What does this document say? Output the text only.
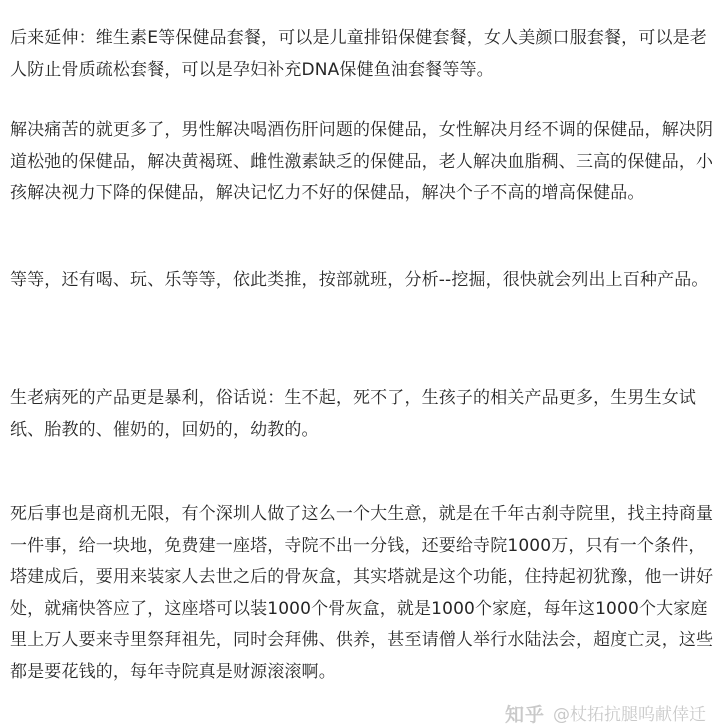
后来延伸：维生素E等保健品套餐，可以是儿童排铅保健套餐，女人美颜口服套餐，可以是老人防止骨质疏松套餐，可以是孕妇补充DNA保健鱼油套餐等等。

解决痛苦的就更多了，男性解决喝酒伤肝问题的保健品，女性解决月经不调的保健品，解决阴道松弛的保健品，解决黄褐斑、雌性激素缺乏的保健品，老人解决血脂稠、三高的保健品，小孩解决视力下降的保健品，解决记忆力不好的保健品，解决个子不高的增高保健品。

等等，还有喝、玩、乐等等，依此类推，按部就班，分析--挖掘，很快就会列出上百种产品。

生老病死的产品更是暴利，俗话说：生不起，死不了，生孩子的相关产品更多，生男生女试纸、胎教的、催奶的，回奶的，幼教的。

死后事也是商机无限，有个深圳人做了这么一个大生意，就是在千年古刹寺院里，找主持商量一件事，给一块地，免费建一座塔，寺院不出一分钱，还要给寺院1000万，只有一个条件，塔建成后，要用来装家人去世之后的骨灰盒，其实塔就是这个功能，住持起初犹豫，他一讲好处，就痛快答应了，这座塔可以装1000个骨灰盒，就是1000个家庭，每年这1000个大家庭里上万人要来寺里祭拜祖先，同时会拜佛、供养，甚至请僧人举行水陆法会，超度亡灵，这些都是要花钱的，每年寺院真是财源滚滚啊。

知乎 @杖拓抗腿呜献倖迁
